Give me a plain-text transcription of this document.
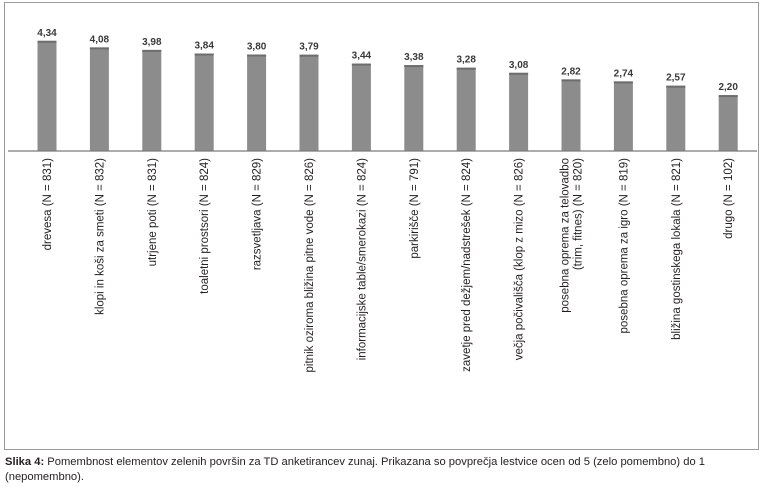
4,34
4,08	3,98	3,84	3,80	3,79
3,44	3,38	3,28	3,08
2,82	2,74	2,57
2,20
drevesa (N = 831)	klopi in koši za smeti (N = 832)	utrjene poti (N = 831)	toaletni prostsori (N = 824)	razsvetljava (N = 829)	pitnik oziroma bližina pitne vode (N = 826)	informacijske table/smerokazi (N = 824)	parkirišče (N = 791)	zavetje pred dežjem/nadstrešek (N = 824)	večja počivališča (klop z mizo (N = 826)	posebna oprema za telovadbo (trim, fitnes) (N = 820)	posebna oprema za igro (N = 819)	bližina gostinskega lokala (N = 821)	drugo (N = 102)
Slika 4: Pomembnost elementov zelenih površin za TD anketirancev zunaj. Prikazana so povprečja lestvice ocen od 5 (zelo pomembno) do 1 (nepomembno).
